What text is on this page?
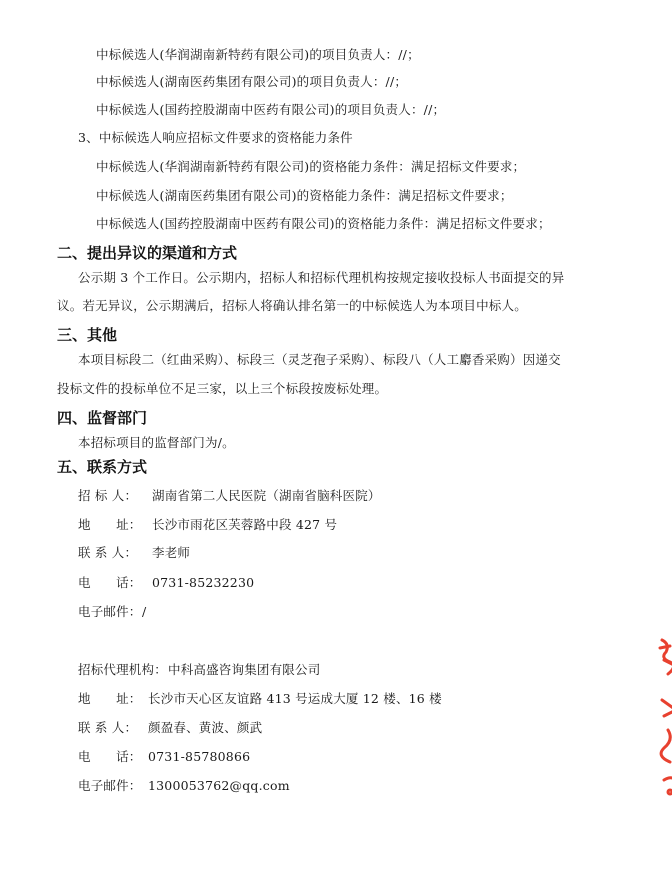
中标候选人(华润湖南新特药有限公司)的项目负责人：//；
中标候选人(湖南医药集团有限公司)的项目负责人：//；
中标候选人(国药控股湖南中医药有限公司)的项目负责人：//；
3、中标候选人响应招标文件要求的资格能力条件
中标候选人(华润湖南新特药有限公司)的资格能力条件：满足招标文件要求；
中标候选人(湖南医药集团有限公司)的资格能力条件：满足招标文件要求；
中标候选人(国药控股湖南中医药有限公司)的资格能力条件：满足招标文件要求；
二、提出异议的渠道和方式
公示期 3 个工作日。公示期内，招标人和招标代理机构按规定接收投标人书面提交的异
议。若无异议，公示期满后，招标人将确认排名第一的中标候选人为本项目中标人。
三、其他
本项目标段二（红曲采购）、标段三（灵芝孢子采购）、标段八（人工麝香采购）因递交
投标文件的投标单位不足三家，以上三个标段按废标处理。
四、监督部门
本招标项目的监督部门为/。
五、联系方式
招 标 人： 湖南省第二人民医院（湖南省脑科医院）
地　　址： 长沙市雨花区芙蓉路中段 427 号
联 系 人： 李老师
电　　话： 0731-85232230
电子邮件： /
招标代理机构： 中科高盛咨询集团有限公司
地　　址： 长沙市天心区友谊路 413 号运成大厦 12 楼、16 楼
联 系 人： 颜盈春、黄波、颜武
电　　话： 0731-85780866
电子邮件： 1300053762@qq.com
